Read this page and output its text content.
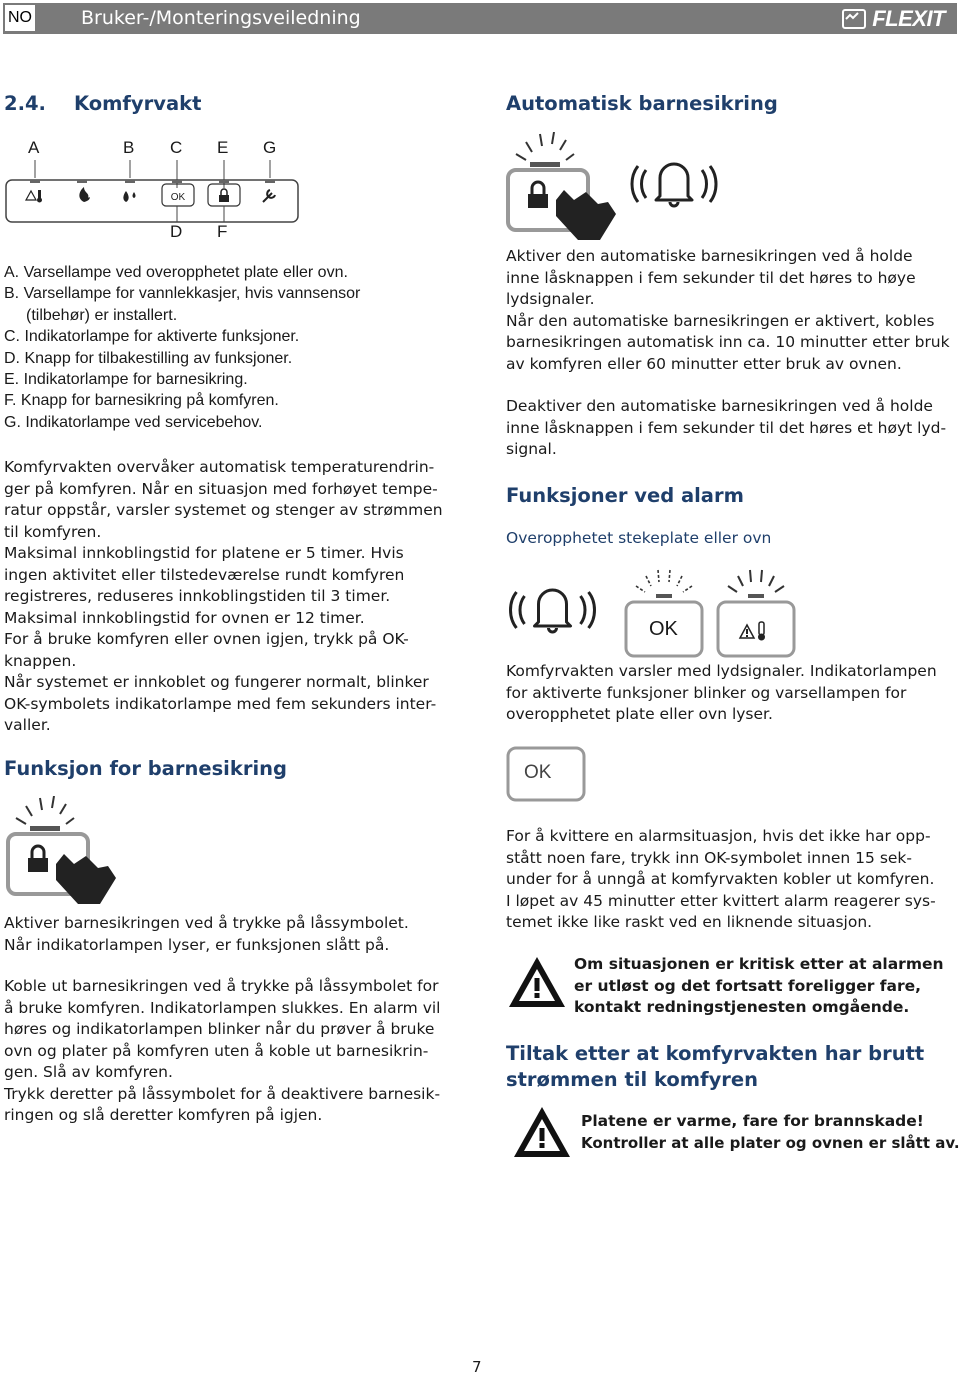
NO	Bruker-/Monteringsveiledning	FLEXIT
2.4. Komfyrvakt
A	B C E G
OK
D F
A. Varsellampe ved overopphetet plate eller ovn.
B. Varsellampe for vannlekkasjer, hvis vannsensor
(tilbehør) er installert.
C. Indikatorlampe for aktiverte funksjoner.
D. Knapp for tilbakestilling av funksjoner.
E. Indikatorlampe for barnesikring.
F. Knapp for barnesikring på komfyren.
G. Indikatorlampe ved servicebehov.

Komfyrvakten overvåker automatisk temperaturendrin-

ger på komfyren. Når en situasjon med forhøyet tempe-

ratur oppstår, varsler systemet og stenger av strømmen

til komfyren.

Maksimal innkoblingstid for platene er 5 timer. Hvis

ingen aktivitet eller tilstedeværelse rundt komfyren

registreres, reduseres innkoblingstiden til 3 timer.

Maksimal innkoblingstid for ovnen er 12 timer.

For å bruke komfyren eller ovnen igjen, trykk på OK-

knappen.

Når systemet er innkoblet og fungerer normalt, blinker

OK-symbolets indikatorlampe med fem sekunders inter-

valler.

Funksjon for barnesikring

Aktiver barnesikringen ved å trykke på låssymbolet.

Når indikatorlampen lyser, er funksjonen slått på.

Koble ut barnesikringen ved å trykke på låssymbolet for

å bruke komfyren. Indikatorlampen slukkes. En alarm vil

høres og indikatorlampen blinker når du prøver å bruke

ovn og plater på komfyren uten å koble ut barnesikrin-

gen. Slå av komfyren.

Trykk deretter på låssymbolet for å deaktivere barnesik-

ringen og slå deretter komfyren på igjen.

Automatisk barnesikring

Aktiver den automatiske barnesikringen ved å holde

inne låsknappen i fem sekunder til det høres to høye

lydsignaler.

Når den automatiske barnesikringen er aktivert, kobles

barnesikringen automatisk inn ca. 10 minutter etter bruk

av komfyren eller 60 minutter etter bruk av ovnen.

Deaktiver den automatiske barnesikringen ved å holde

inne låsknappen i fem sekunder til det høres et høyt lyd-

signal.

Funksjoner ved alarm

Overopphetet stekeplate eller ovn

OK

Komfyrvakten varsler med lydsignaler. Indikatorlampen

for aktiverte funksjoner blinker og varsellampen for

overopphetet plate eller ovn lyser.

OK

For å kvittere en alarmsituasjon, hvis det ikke har opp-

stått noen fare, trykk inn OK-symbolet innen 15 sek-

under for å unngå at komfyrvakten kobler ut komfyren.

I løpet av 45 minutter etter kvittert alarm reagerer sys-

temet ikke like raskt ved en liknende situasjon.

Om situasjonen er kritisk etter at alarmen

er utløst og det fortsatt foreligger fare,

kontakt redningstjenesten omgående.

Tiltak etter at komfyrvakten har brutt
strømmen til komfyren

Platene er varme, fare for brannskade!

Kontroller at alle plater og ovnen er slått av.

7
